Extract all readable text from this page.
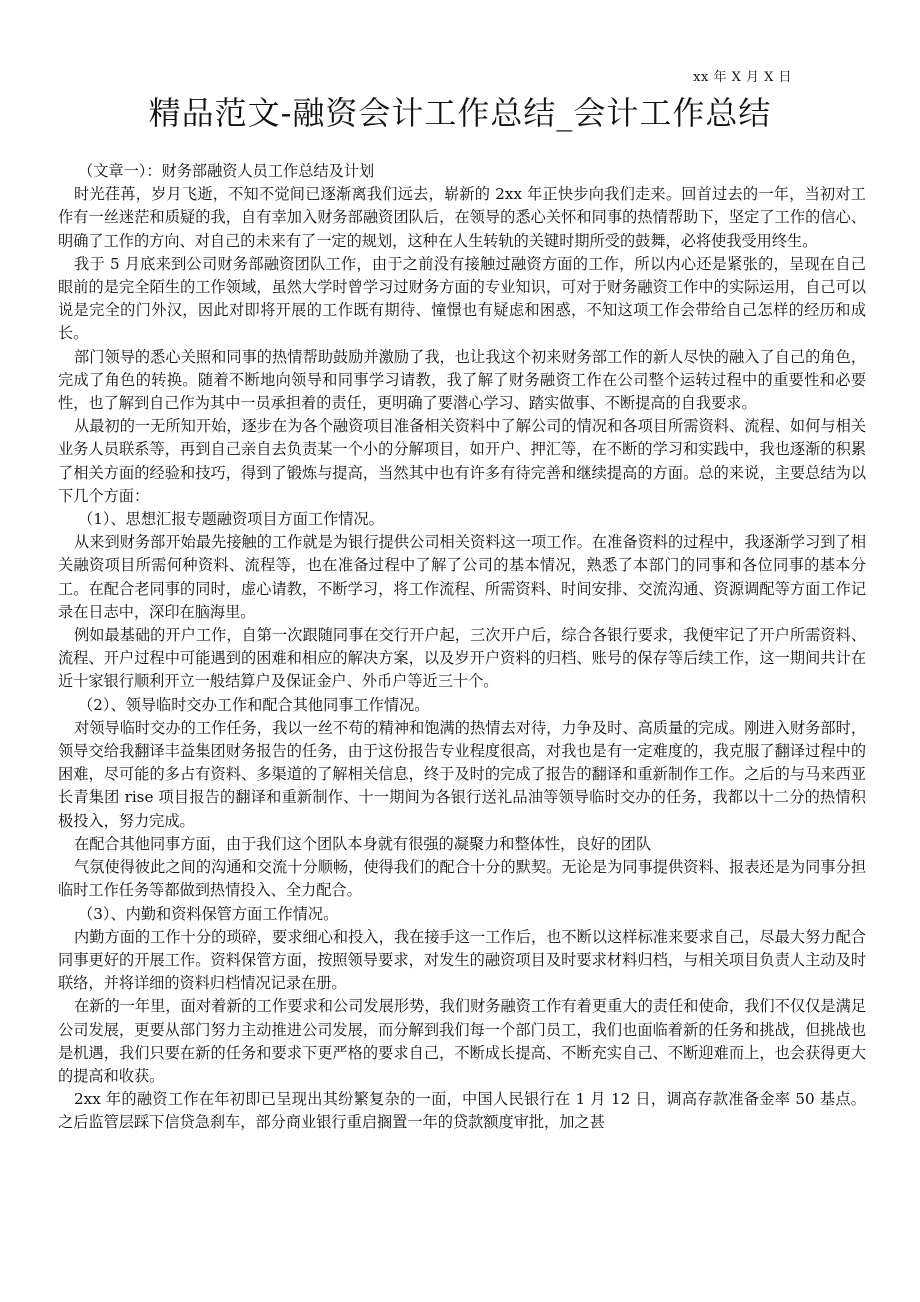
xx 年 X 月 X 日
精品范文-融资会计工作总结_会计工作总结

（文章一）：财务部融资人员工作总结及计划

时光荏苒，岁月飞逝，不知不觉间已逐渐离我们远去，崭新的 2xx 年正快步向我们走来。回首过去的一年，当初对工作有一丝迷茫和质疑的我，自有幸加入财务部融资团队后，在领导的悉心关怀和同事的热情帮助下，坚定了工作的信心、明确了工作的方向、对自己的未来有了一定的规划，这种在人生转轨的关键时期所受的鼓舞，必将使我受用终生。

我于 5 月底来到公司财务部融资团队工作，由于之前没有接触过融资方面的工作，所以内心还是紧张的，呈现在自己眼前的是完全陌生的工作领域，虽然大学时曾学习过财务方面的专业知识，可对于财务融资工作中的实际运用，自己可以说是完全的门外汉，因此对即将开展的工作既有期待、憧憬也有疑虑和困惑，不知这项工作会带给自己怎样的经历和成长。

部门领导的悉心关照和同事的热情帮助鼓励并激励了我，也让我这个初来财务部工作的新人尽快的融入了自己的角色，完成了角色的转换。随着不断地向领导和同事学习请教，我了解了财务融资工作在公司整个运转过程中的重要性和必要性，也了解到自己作为其中一员承担着的责任，更明确了要潜心学习、踏实做事、不断提高的自我要求。

从最初的一无所知开始，逐步在为各个融资项目准备相关资料中了解公司的情况和各项目所需资料、流程、如何与相关业务人员联系等，再到自己亲自去负责某一个小的分解项目，如开户、押汇等，在不断的学习和实践中，我也逐渐的积累了相关方面的经验和技巧，得到了锻炼与提高，当然其中也有许多有待完善和继续提高的方面。总的来说，主要总结为以下几个方面：

（1）、思想汇报专题融资项目方面工作情况。

从来到财务部开始最先接触的工作就是为银行提供公司相关资料这一项工作。在准备资料的过程中，我逐渐学习到了相关融资项目所需何种资料、流程等，也在准备过程中了解了公司的基本情况，熟悉了本部门的同事和各位同事的基本分工。在配合老同事的同时，虚心请教，不断学习，将工作流程、所需资料、时间安排、交流沟通、资源调配等方面工作记录在日志中，深印在脑海里。

例如最基础的开户工作，自第一次跟随同事在交行开户起，三次开户后，综合各银行要求，我便牢记了开户所需资料、流程、开户过程中可能遇到的困难和相应的解决方案，以及岁开户资料的归档、账号的保存等后续工作，这一期间共计在近十家银行顺利开立一般结算户及保证金户、外币户等近三十个。

（2）、领导临时交办工作和配合其他同事工作情况。

对领导临时交办的工作任务，我以一丝不苟的精神和饱满的热情去对待，力争及时、高质量的完成。刚进入财务部时，领导交给我翻译丰益集团财务报告的任务，由于这份报告专业程度很高，对我也是有一定难度的，我克服了翻译过程中的困难，尽可能的多占有资料、多渠道的了解相关信息，终于及时的完成了报告的翻译和重新制作工作。之后的与马来西亚长青集团 rise 项目报告的翻译和重新制作、十一期间为各银行送礼品油等领导临时交办的任务，我都以十二分的热情积极投入，努力完成。

在配合其他同事方面，由于我们这个团队本身就有很强的凝聚力和整体性，良好的团队

气氛使得彼此之间的沟通和交流十分顺畅，使得我们的配合十分的默契。无论是为同事提供资料、报表还是为同事分担临时工作任务等都做到热情投入、全力配合。

（3）、内勤和资料保管方面工作情况。

内勤方面的工作十分的琐碎，要求细心和投入，我在接手这一工作后，也不断以这样标准来要求自己，尽最大努力配合同事更好的开展工作。资料保管方面，按照领导要求，对发生的融资项目及时要求材料归档，与相关项目负责人主动及时联络，并将详细的资料归档情况记录在册。

在新的一年里，面对着新的工作要求和公司发展形势，我们财务融资工作有着更重大的责任和使命，我们不仅仅是满足公司发展，更要从部门努力主动推进公司发展，而分解到我们每一个部门员工，我们也面临着新的任务和挑战，但挑战也是机遇，我们只要在新的任务和要求下更严格的要求自己，不断成长提高、不断充实自己、不断迎难而上，也会获得更大的提高和收获。

2xx 年的融资工作在年初即已呈现出其纷繁复杂的一面，中国人民银行在 1 月 12 日，调高存款准备金率 50 基点。之后监管层踩下信贷急刹车，部分商业银行重启搁置一年的贷款额度审批，加之甚
